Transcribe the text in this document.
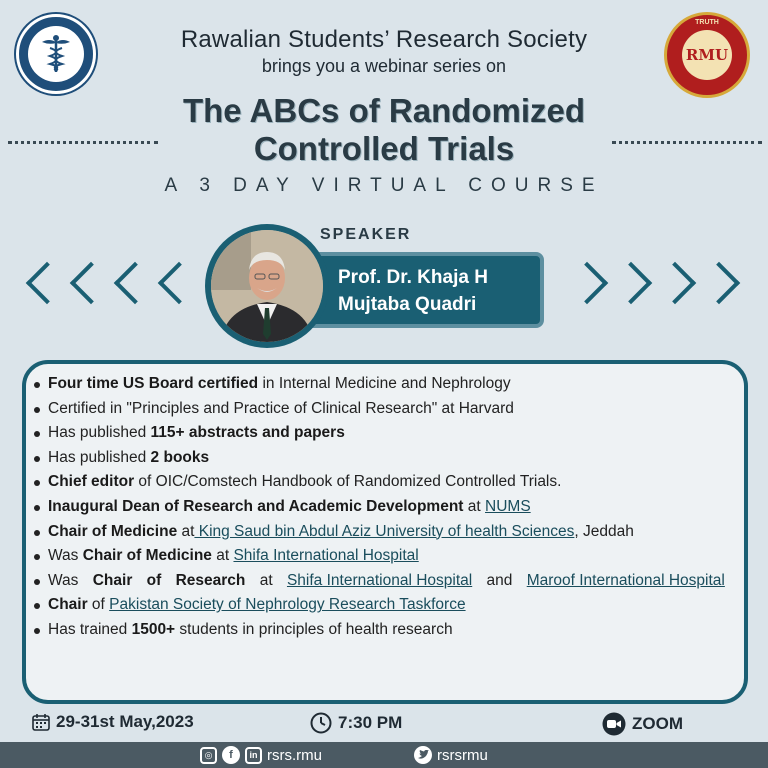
TRUTH
RMU
Rawalian Students’ Research Society
brings you a webinar series on
The ABCs of Randomized
Controlled Trials
A 3 DAY VIRTUAL COURSE
SPEAKER
Prof. Dr. Khaja H
Mujtaba Quadri
Four time US Board certified in Internal Medicine and Nephrology
Certified in "Principles and Practice of Clinical Research" at Harvard
Has published 115+ abstracts and papers
Has published 2 books
Chief editor of OIC/Comstech Handbook of Randomized Controlled Trials.
Inaugural Dean of Research and Academic Development at NUMS
Chair of Medicine at King Saud bin Abdul Aziz University of health Sciences, Jeddah
Was Chair of Medicine at Shifa International Hospital
Was Chair of Research at Shifa International Hospital and Maroof International Hospital
Chair of Pakistan Society of Nephrology Research Taskforce
Has trained 1500+ students in principles of health research
29-31st May,2023	7:30 PM	ZOOM
◎	f	in rsrs.rmu	rsrsrmu
